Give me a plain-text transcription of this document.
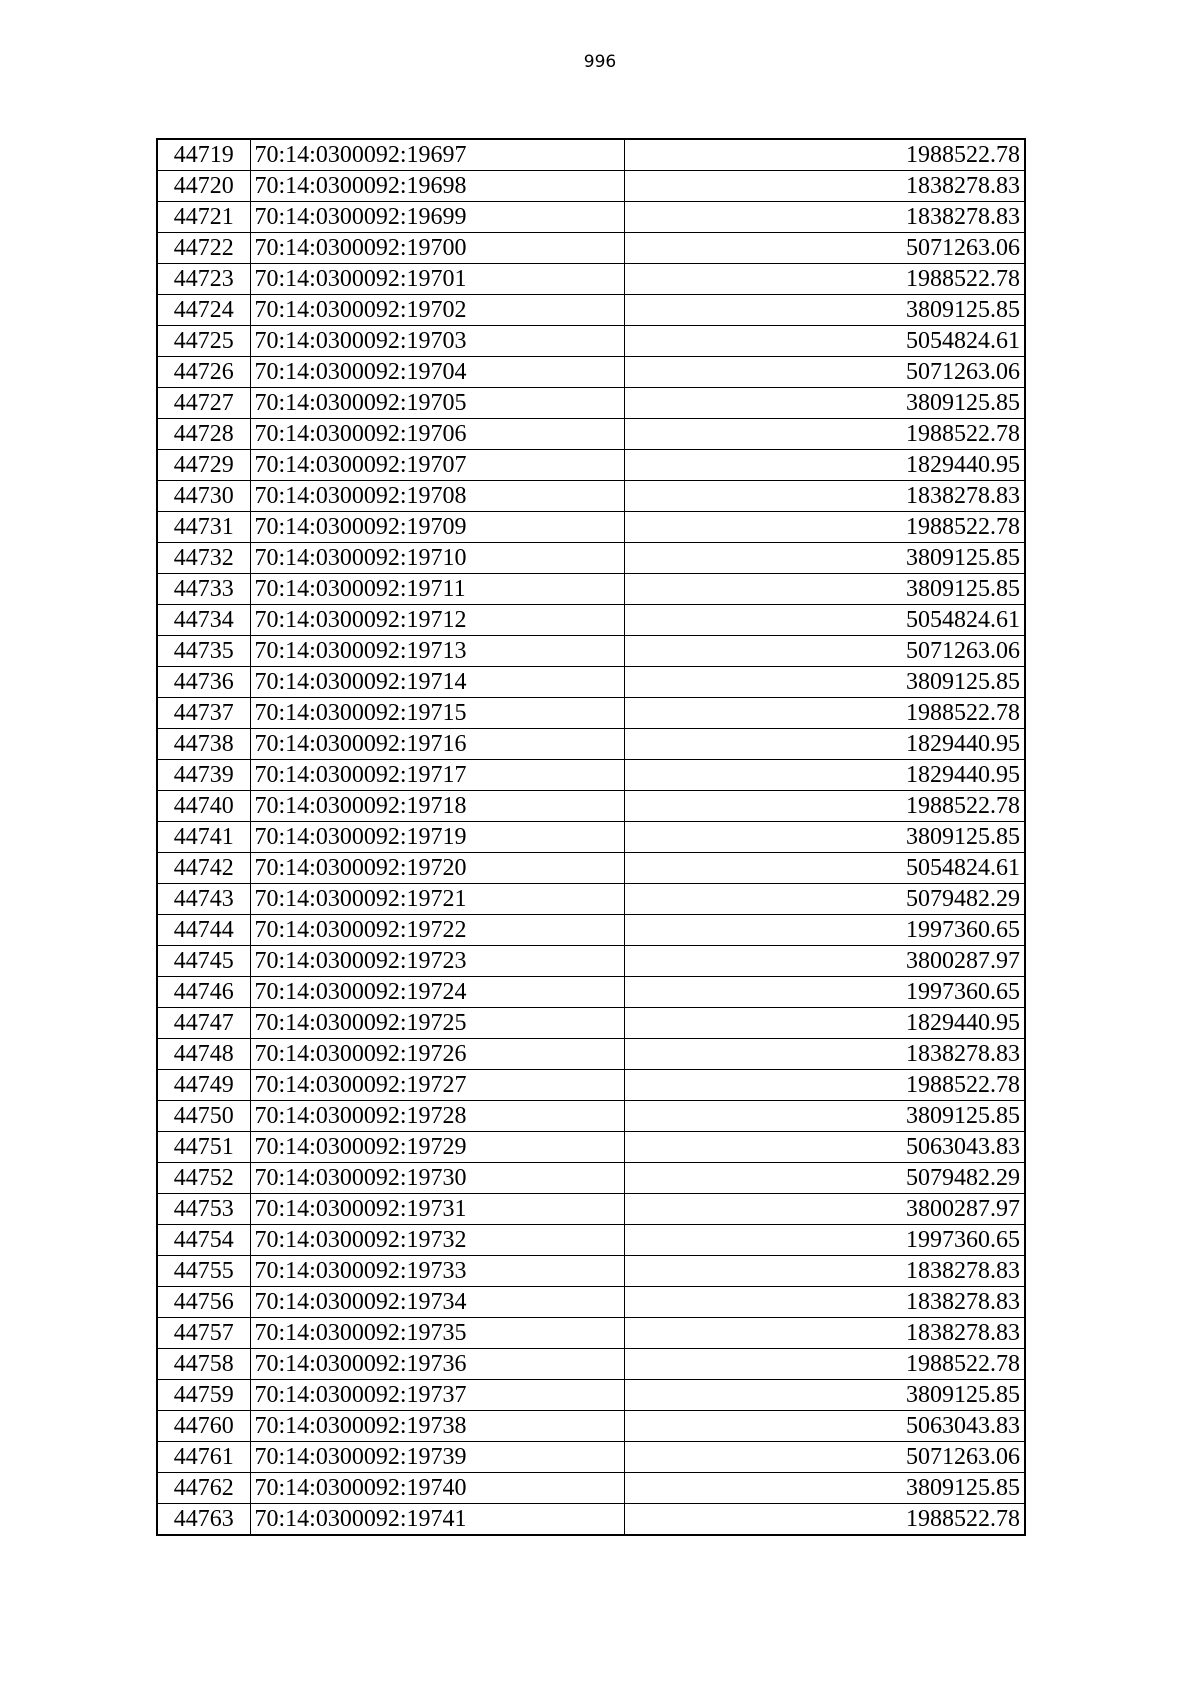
996
44719	70:14:0300092:19697	1988522.78
44720	70:14:0300092:19698	1838278.83
44721	70:14:0300092:19699	1838278.83
44722	70:14:0300092:19700	5071263.06
44723	70:14:0300092:19701	1988522.78
44724	70:14:0300092:19702	3809125.85
44725	70:14:0300092:19703	5054824.61
44726	70:14:0300092:19704	5071263.06
44727	70:14:0300092:19705	3809125.85
44728	70:14:0300092:19706	1988522.78
44729	70:14:0300092:19707	1829440.95
44730	70:14:0300092:19708	1838278.83
44731	70:14:0300092:19709	1988522.78
44732	70:14:0300092:19710	3809125.85
44733	70:14:0300092:19711	3809125.85
44734	70:14:0300092:19712	5054824.61
44735	70:14:0300092:19713	5071263.06
44736	70:14:0300092:19714	3809125.85
44737	70:14:0300092:19715	1988522.78
44738	70:14:0300092:19716	1829440.95
44739	70:14:0300092:19717	1829440.95
44740	70:14:0300092:19718	1988522.78
44741	70:14:0300092:19719	3809125.85
44742	70:14:0300092:19720	5054824.61
44743	70:14:0300092:19721	5079482.29
44744	70:14:0300092:19722	1997360.65
44745	70:14:0300092:19723	3800287.97
44746	70:14:0300092:19724	1997360.65
44747	70:14:0300092:19725	1829440.95
44748	70:14:0300092:19726	1838278.83
44749	70:14:0300092:19727	1988522.78
44750	70:14:0300092:19728	3809125.85
44751	70:14:0300092:19729	5063043.83
44752	70:14:0300092:19730	5079482.29
44753	70:14:0300092:19731	3800287.97
44754	70:14:0300092:19732	1997360.65
44755	70:14:0300092:19733	1838278.83
44756	70:14:0300092:19734	1838278.83
44757	70:14:0300092:19735	1838278.83
44758	70:14:0300092:19736	1988522.78
44759	70:14:0300092:19737	3809125.85
44760	70:14:0300092:19738	5063043.83
44761	70:14:0300092:19739	5071263.06
44762	70:14:0300092:19740	3809125.85
44763	70:14:0300092:19741	1988522.78
